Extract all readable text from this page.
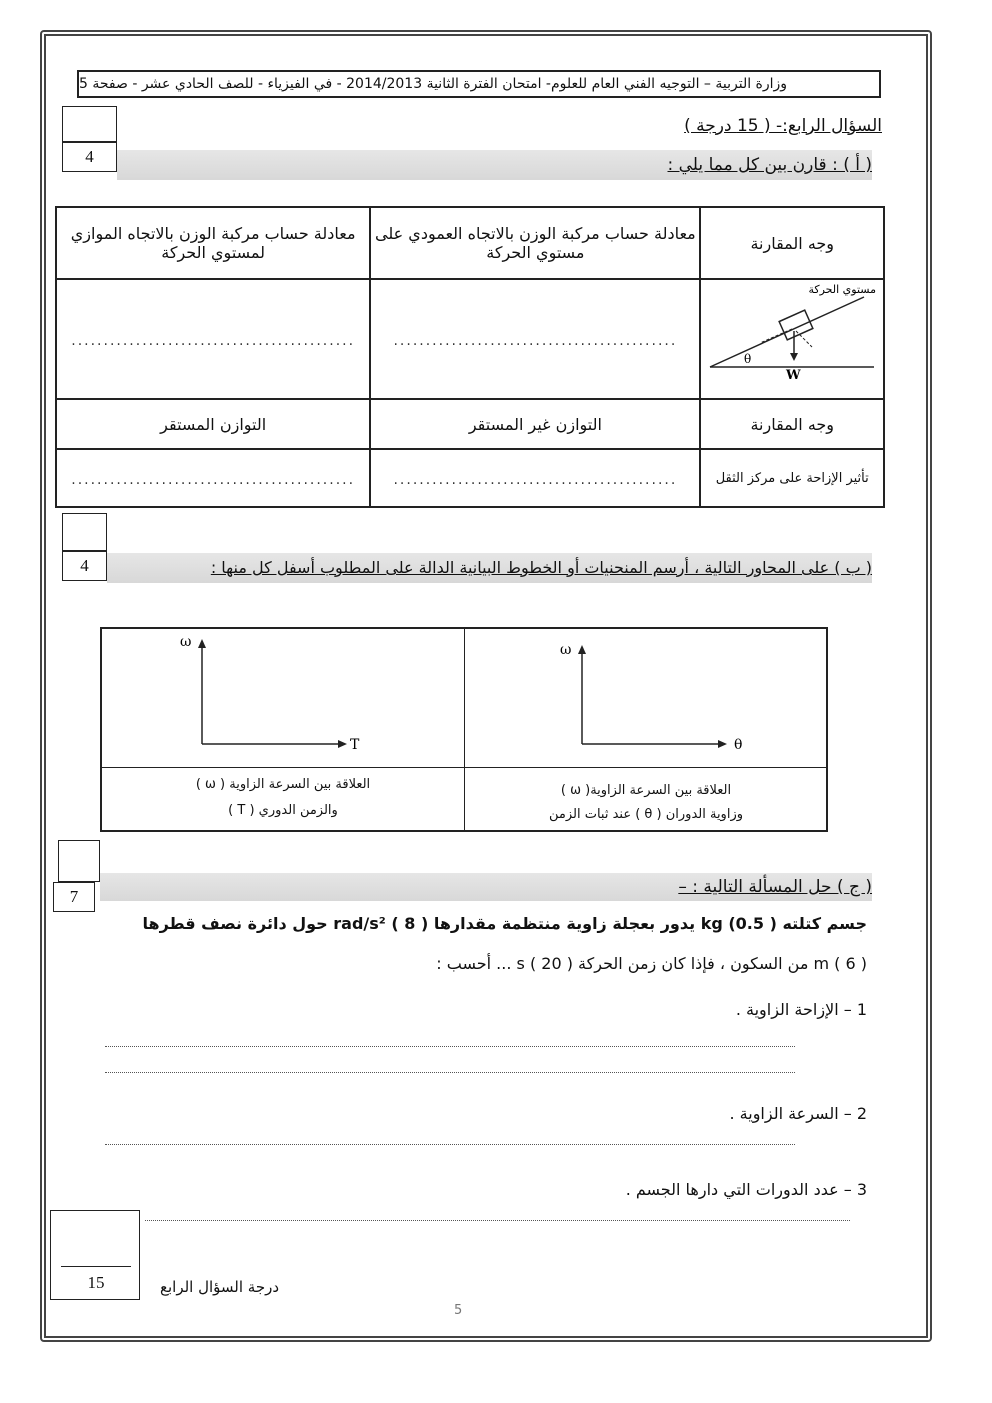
وزارة التربية – التوجيه الفني العام للعلوم- امتحان الفترة الثانية 2014/2013 - في الفيزياء - للصف الحادي عشر - صفحة 5
السؤال الرابع:- ( 15 درجة )
4	( أ ) : قارن بين كل مما يلي :
معادلة حساب مركبة الوزن بالاتجاه الموازي لمستوي الحركة	معادلة حساب مركبة الوزن بالاتجاه العمودي على مستوي الحركة	وجه المقارنة
............................................	............................................	مستوي الحركة
θ
W

التوازن المستقر	التوازن غير المستقر	وجه المقارنة
............................................	............................................	تأثير الإزاحة على مركز الثقل
4	( ب ) على المحاور التالية ، أرسم المنحنيات أو الخطوط البيانية الدالة على المطلوب أسفل كل منها :
ω
T
العلاقة بين السرعة الزاوية ( ω )
والزمن الدوري ( T )
ω
θ
العلاقة بين السرعة الزاوية( ω )
وزاوية الدوران ( θ ) عند ثبات الزمن
7	( ج ) حل المسألة التالية : –
جسم كتلته kg (0.5 ) يدور بعجلة زاوية منتظمة مقدارها rad/s² ( 8 ) حول دائرة نصف قطرها
m ( 6 ) من السكون ، فإذا كان زمن الحركة s ( 20 ) ... أحسب :
1 – الإزاحة الزاوية .
2 – السرعة الزاوية .
3 – عدد الدورات التي دارها الجسم .
15	درجة السؤال الرابع
5
